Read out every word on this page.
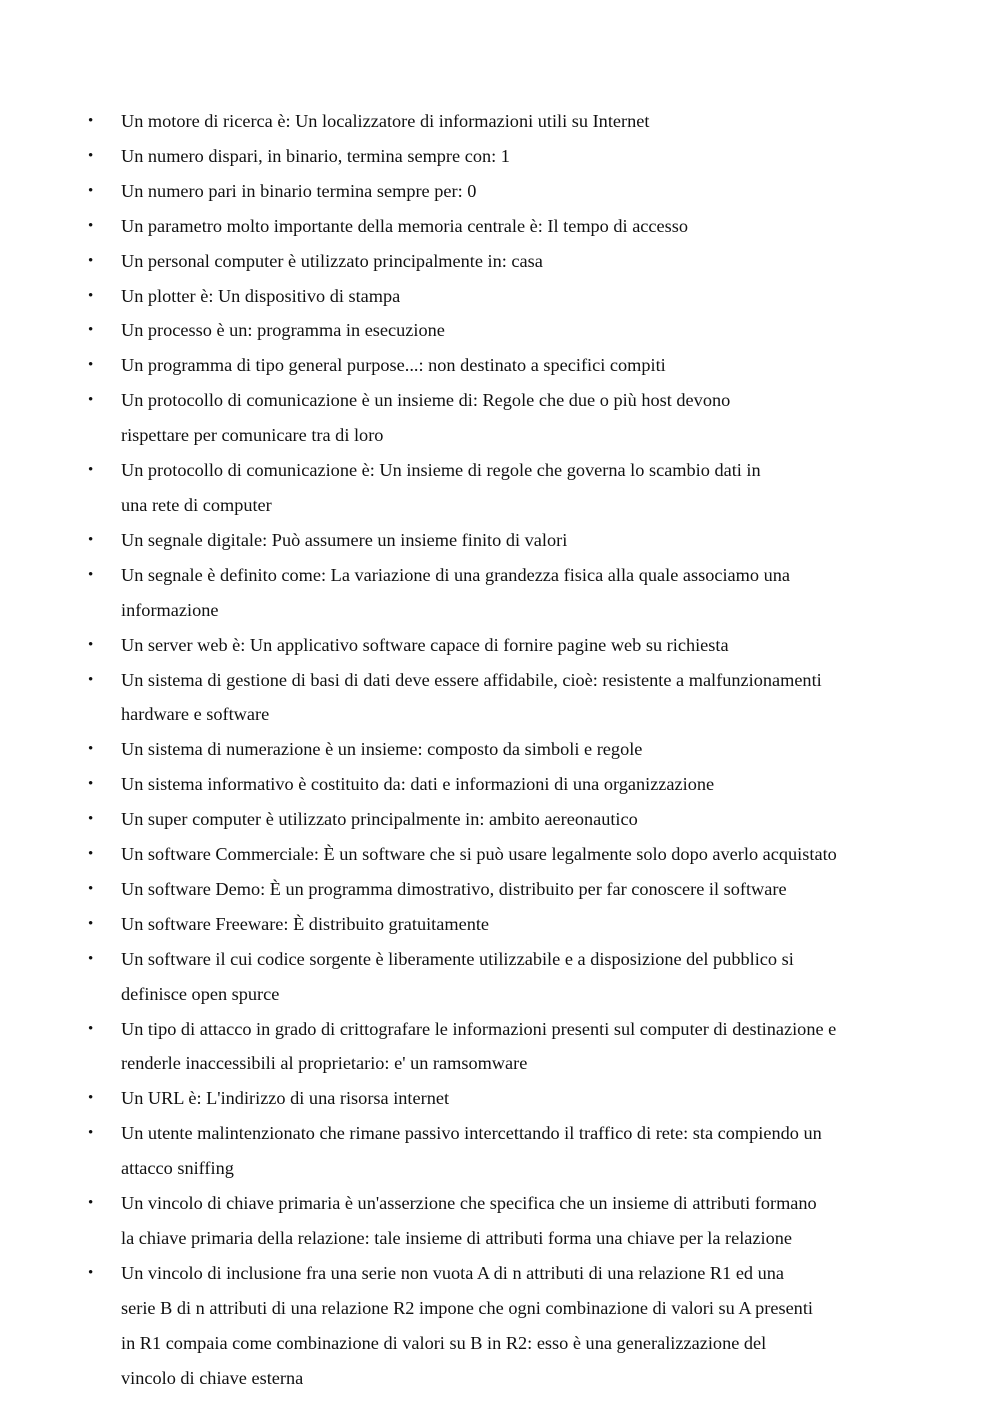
• Un motore di ricerca è: Un localizzatore di informazioni utili su Internet
• Un numero dispari, in binario, termina sempre con: 1
• Un numero pari in binario termina sempre per: 0
• Un parametro molto importante della memoria centrale è: Il tempo di accesso
• Un personal computer è utilizzato principalmente in: casa
• Un plotter è: Un dispositivo di stampa
• Un processo è un: programma in esecuzione
• Un programma di tipo general purpose...: non destinato a specifici compiti
• Un protocollo di comunicazione è un insieme di: Regole che due o più host devono
rispettare per comunicare tra di loro
• Un protocollo di comunicazione è: Un insieme di regole che governa lo scambio dati in
una rete di computer
• Un segnale digitale: Può assumere un insieme finito di valori
• Un segnale è definito come: La variazione di una grandezza fisica alla quale associamo una
informazione
• Un server web è: Un applicativo software capace di fornire pagine web su richiesta
• Un sistema di gestione di basi di dati deve essere affidabile, cioè: resistente a malfunzionamenti
hardware e software
• Un sistema di numerazione è un insieme: composto da simboli e regole
• Un sistema informativo è costituito da: dati e informazioni di una organizzazione
• Un super computer è utilizzato principalmente in: ambito aereonautico
• Un software Commerciale: È un software che si può usare legalmente solo dopo averlo acquistato
• Un software Demo: È un programma dimostrativo, distribuito per far conoscere il software
• Un software Freeware: È distribuito gratuitamente
• Un software il cui codice sorgente è liberamente utilizzabile e a disposizione del pubblico si
definisce open spurce
• Un tipo di attacco in grado di crittografare le informazioni presenti sul computer di destinazione e
renderle inaccessibili al proprietario: e' un ramsomware
• Un URL è: L'indirizzo di una risorsa internet
• Un utente malintenzionato che rimane passivo intercettando il traffico di rete: sta compiendo un
attacco sniffing
• Un vincolo di chiave primaria è un'asserzione che specifica che un insieme di attributi formano
la chiave primaria della relazione: tale insieme di attributi forma una chiave per la relazione
• Un vincolo di inclusione fra una serie non vuota A di n attributi di una relazione R1 ed una
serie B di n attributi di una relazione R2 impone che ogni combinazione di valori su A presenti
in R1 compaia come combinazione di valori su B in R2: esso è una generalizzazione del
vincolo di chiave esterna
